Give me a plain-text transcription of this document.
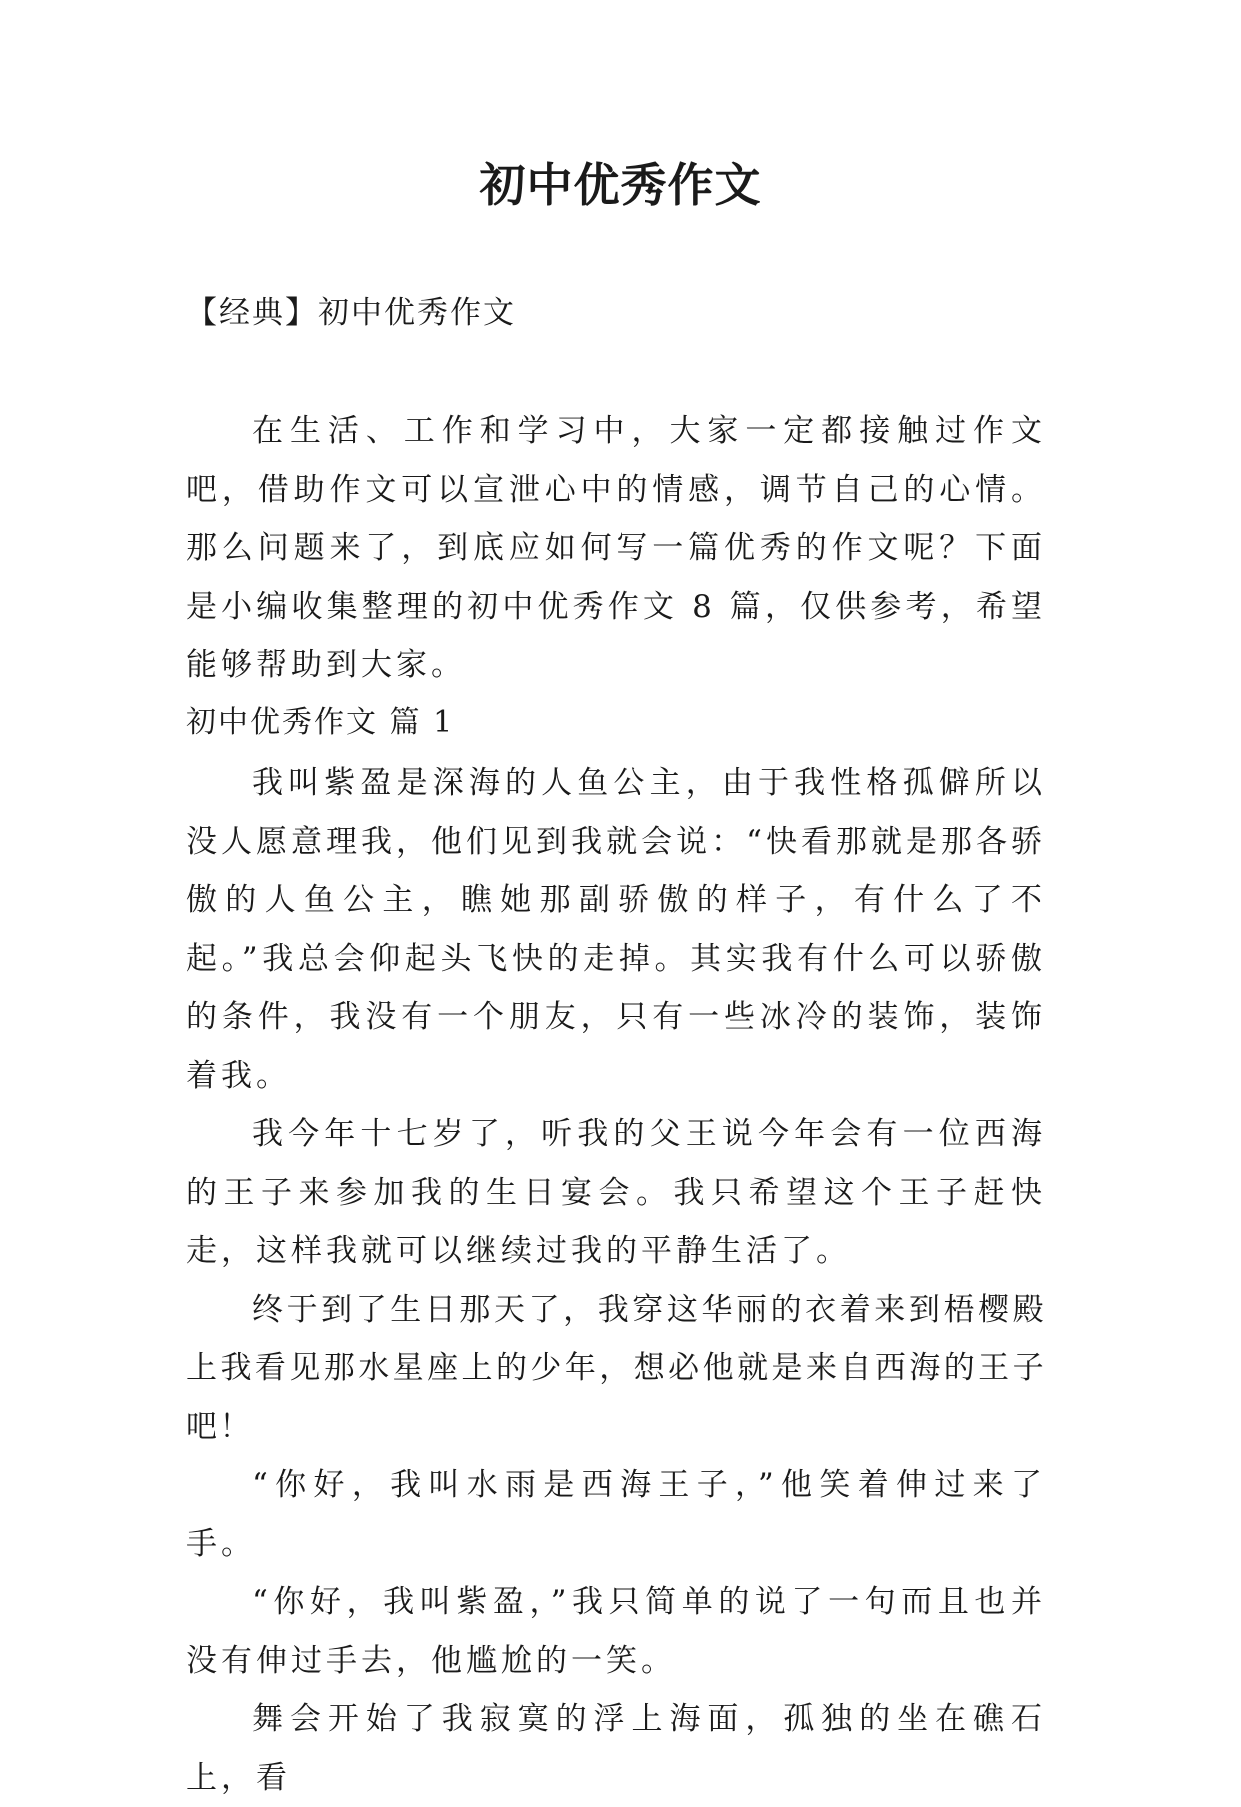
初中优秀作文

【经典】初中优秀作文

在生活、工作和学习中，大家一定都接触过作文吧，借助作文可以宣泄心中的情感，调节自己的心情。那么问题来了，到底应如何写一篇优秀的作文呢？下面是小编收集整理的初中优秀作文 8 篇，仅供参考，希望能够帮助到大家。

初中优秀作文 篇 1

我叫紫盈是深海的人鱼公主，由于我性格孤僻所以没人愿意理我，他们见到我就会说：“快看那就是那各骄傲的人鱼公主，瞧她那副骄傲的样子，有什么了不起。”我总会仰起头飞快的走掉。其实我有什么可以骄傲的条件，我没有一个朋友，只有一些冰冷的装饰，装饰着我。

我今年十七岁了，听我的父王说今年会有一位西海的王子来参加我的生日宴会。我只希望这个王子赶快走，这样我就可以继续过我的平静生活了。

终于到了生日那天了，我穿这华丽的衣着来到梧樱殿上我看见那水星座上的少年，想必他就是来自西海的王子吧！

“你好，我叫水雨是西海王子，”他笑着伸过来了手。

“你好，我叫紫盈，”我只简单的说了一句而且也并没有伸过手去，他尴尬的一笑。

舞会开始了我寂寞的浮上海面，孤独的坐在礁石上，看
